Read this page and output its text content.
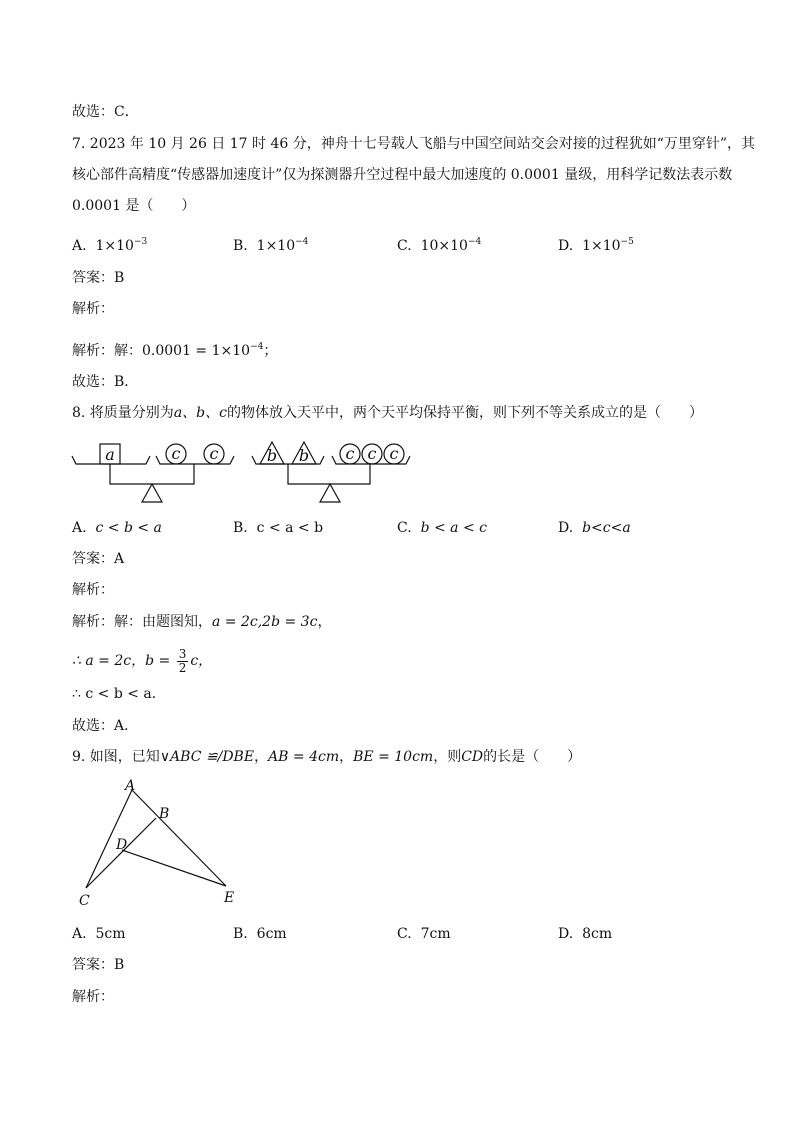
故选：C．
7. 2023 年 10 月 26 日 17 时 46 分，神舟十七号载人飞船与中国空间站交会对接的过程犹如“万里穿针”，其
核心部件高精度“传感器加速度计”仅为探测器升空过程中最大加速度的 0.0001 量级，用科学记数法表示数
0.0001 是（　　）
A. $1\times 10^{-3}$	B. $1\times 10^{-4}$	C. $10\times 10^{-4}$	D. $1\times 10^{-5}$
答案：B
解析：
解析：解：$0.0001 = 1\times 10^{-4}$；
故选：B．
8. 将质量分别为a、b、c的物体放入天平中，两个天平均保持平衡，则下列不等关系成立的是（　　）
a	c c	b b c c c
A. c < b < a	B. c < a < b	C. b < a < c	D. b<c<a
答案：A
解析：
解析：解：由题图知，a = 2c,2b = 3c，
∴ a = 2c，$b = \frac{3}{2}$ c，
∴ c < b < a．
故选：A．
9. 如图，已知∨ABC ≌/DBE，AB = 4cm，BE = 10cm，则CD的长是（　　）
A
B
D
C	E
A. 5cm	B. 6cm	C. 7cm	D. 8cm
答案：B
解析：
